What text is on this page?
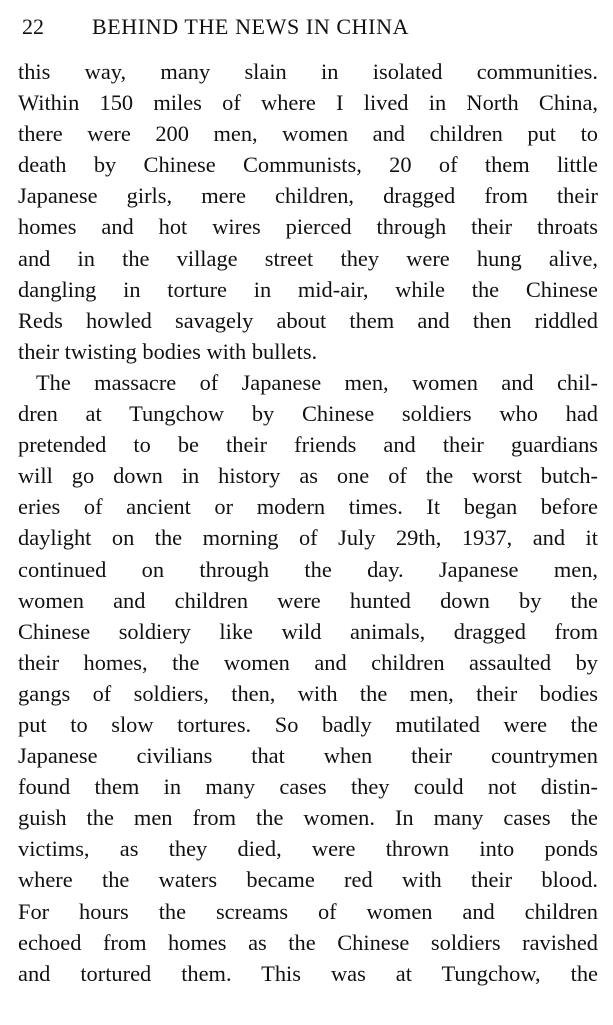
22 BEHIND THE NEWS IN CHINA
this way, many slain in isolated communities.
Within 150 miles of where I lived in North China,
there were 200 men, women and children put to
death by Chinese Communists, 20 of them little
Japanese girls, mere children, dragged from their
homes and hot wires pierced through their throats
and in the village street they were hung alive,
dangling in torture in mid-air, while the Chinese
Reds howled savagely about them and then riddled
their twisting bodies with bullets.
The massacre of Japanese men, women and chil-
dren at Tungchow by Chinese soldiers who had
pretended to be their friends and their guardians
will go down in history as one of the worst butch-
eries of ancient or modern times. It began before
daylight on the morning of July 29th, 1937, and it
continued on through the day. Japanese men,
women and children were hunted down by the
Chinese soldiery like wild animals, dragged from
their homes, the women and children assaulted by
gangs of soldiers, then, with the men, their bodies
put to slow tortures. So badly mutilated were the
Japanese civilians that when their countrymen
found them in many cases they could not distin-
guish the men from the women. In many cases the
victims, as they died, were thrown into ponds
where the waters became red with their blood.
For hours the screams of women and children
echoed from homes as the Chinese soldiers ravished
and tortured them. This was at Tungchow, the
